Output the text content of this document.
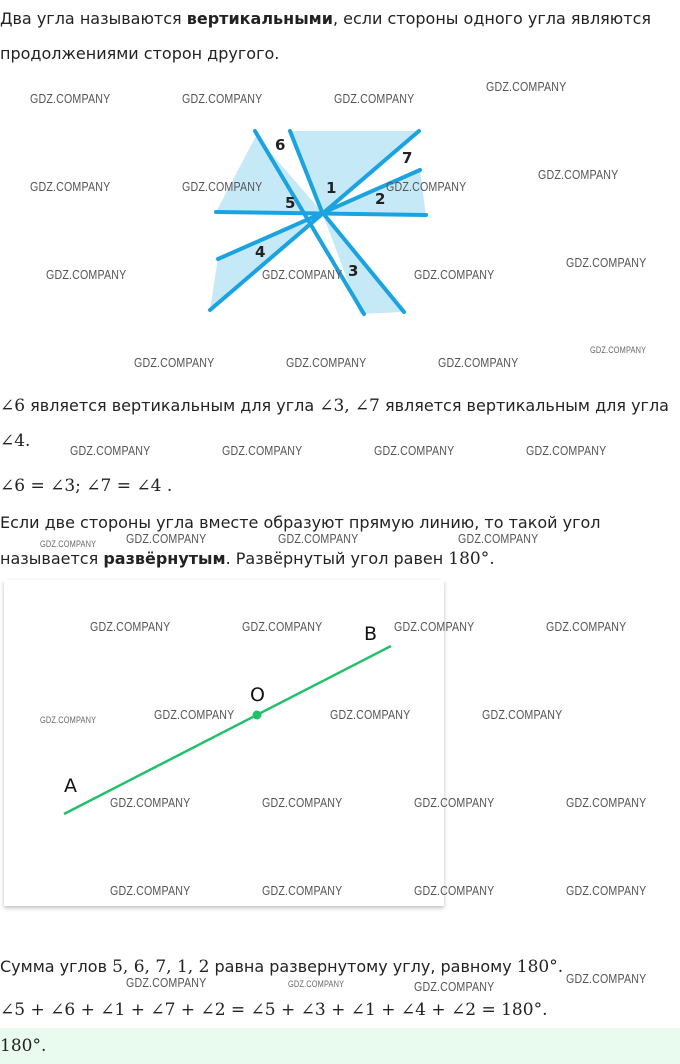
Два угла называются вертикальными, если стороны одного угла являются

продолжениями сторон другого.

1
2
3
4
5
6
7

∠6 является вертикальным для угла ∠3, ∠7 является вертикальным для угла

∠4.

∠6 = ∠3; ∠7 = ∠4 .

Если две стороны угла вместе образуют прямую линию, то такой угол

называется развёрнутым. Развёрнутый угол равен 180°.

A
O
B

Сумма углов 5, 6, 7, 1, 2 равна развернутому углу, равному 180°.

∠5 + ∠6 + ∠1 + ∠7 + ∠2 = ∠5 + ∠3 + ∠1 + ∠4 + ∠2 = 180°.

180°.
GDZ.COMPANY	GDZ.COMPANY	GDZ.COMPANY
GDZ.COMPANY
GDZ.COMPANY	GDZ.COMPANY	GDZ.COMPANY
GDZ.COMPANY
GDZ.COMPANY	GDZ.COMPANY	GDZ.COMPANY
GDZ.COMPANY
GDZ.COMPANY	GDZ.COMPANY	GDZ.COMPANY
GDZ.COMPANY
GDZ.COMPANY	GDZ.COMPANY	GDZ.COMPANY	GDZ.COMPANY
GDZ.COMPANY GDZ.COMPANY	GDZ.COMPANY	GDZ.COMPANY
GDZ.COMPANY	GDZ.COMPANY	GDZ.COMPANY	GDZ.COMPANY
GDZ.COMPANY	GDZ.COMPANY	GDZ.COMPANY	GDZ.COMPANY
GDZ.COMPANY	GDZ.COMPANY	GDZ.COMPANY	GDZ.COMPANY
GDZ.COMPANY	GDZ.COMPANY	GDZ.COMPANY	GDZ.COMPANY
GDZ.COMPANY
GDZ.COMPANY	GDZ.COMPANY	GDZ.COMPANY
